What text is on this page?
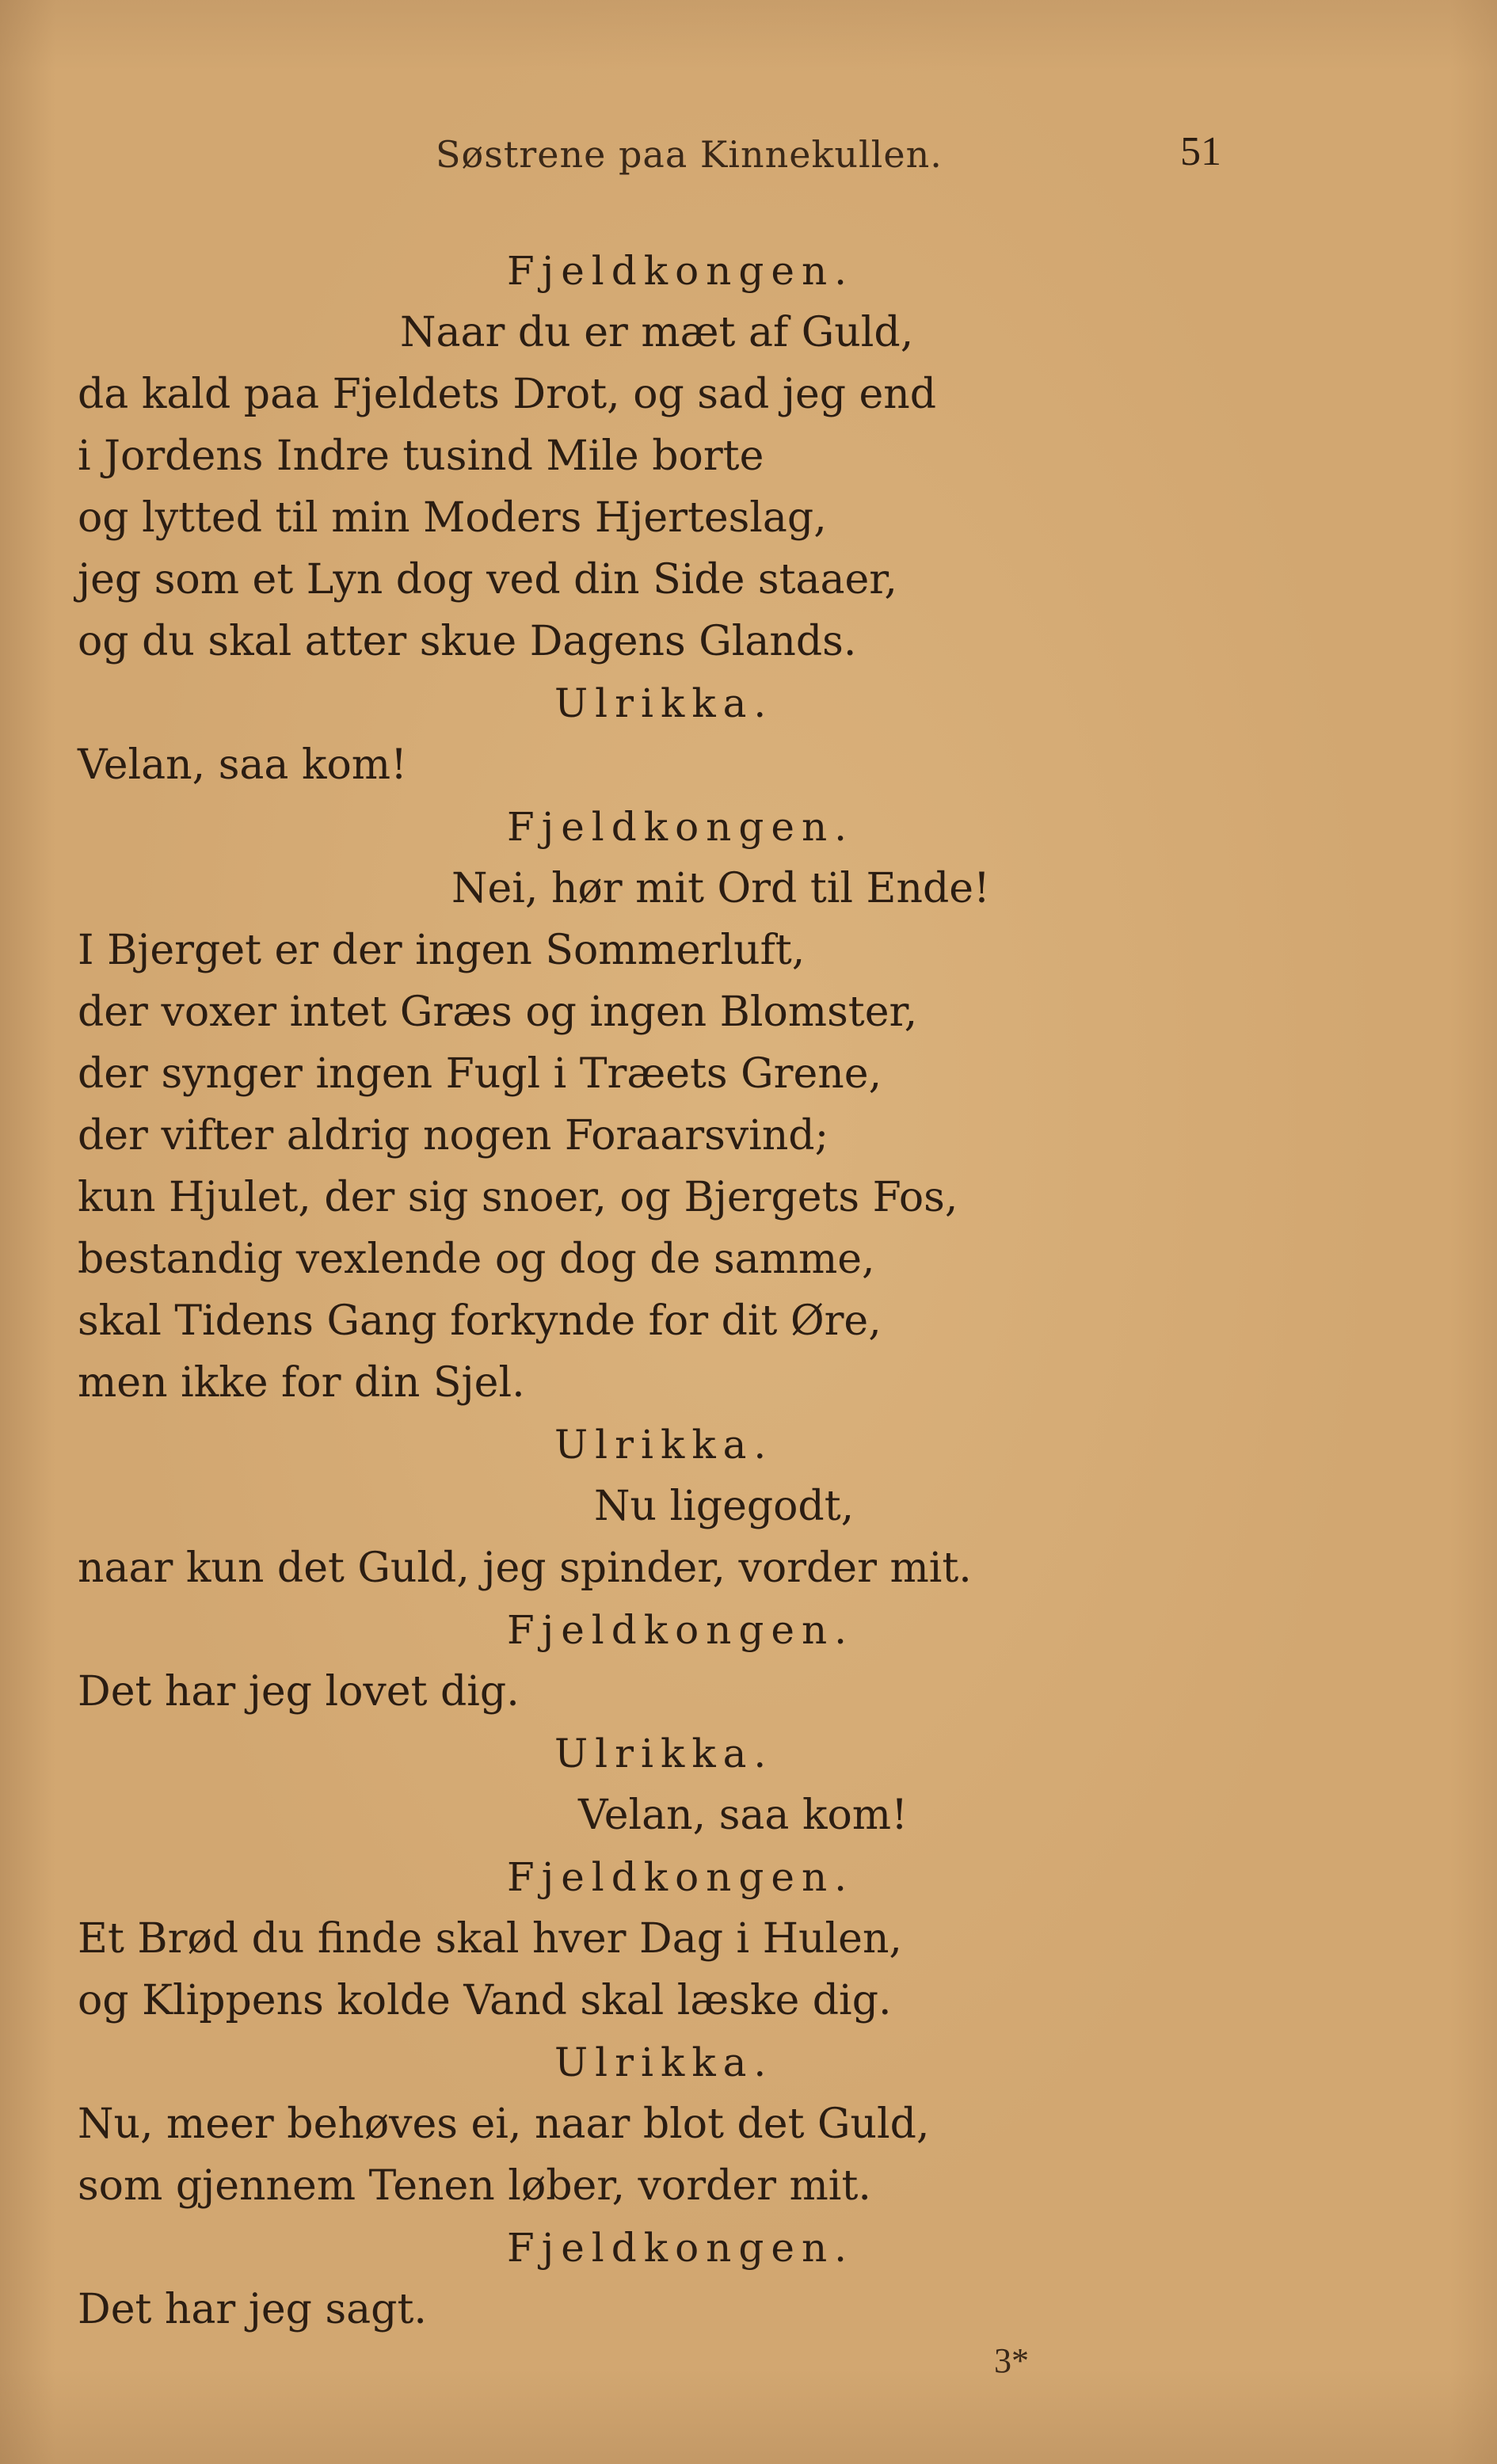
Søstrene paa Kinnekullen.	51
Fjeldkongen.
Naar du er mæt af Guld,
da kald paa Fjeldets Drot, og sad jeg end
i Jordens Indre tusind Mile borte
og lytted til min Moders Hjerteslag,
jeg som et Lyn dog ved din Side staaer,
og du skal atter skue Dagens Glands.
Ulrikka.
Velan, saa kom!
Fjeldkongen.
Nei, hør mit Ord til Ende!
I Bjerget er der ingen Sommerluft,
der voxer intet Græs og ingen Blomster,
der synger ingen Fugl i Træets Grene,
der vifter aldrig nogen Foraarsvind;
kun Hjulet, der sig snoer, og Bjergets Fos,
bestandig vexlende og dog de samme,
skal Tidens Gang forkynde for dit Øre,
men ikke for din Sjel.
Ulrikka.
Nu ligegodt,
naar kun det Guld, jeg spinder, vorder mit.
Fjeldkongen.
Det har jeg lovet dig.
Ulrikka.
Velan, saa kom!
Fjeldkongen.
Et Brød du finde skal hver Dag i Hulen,
og Klippens kolde Vand skal læske dig.
Ulrikka.
Nu, meer behøves ei, naar blot det Guld,
som gjennem Tenen løber, vorder mit.
Fjeldkongen.
Det har jeg sagt.
3*
